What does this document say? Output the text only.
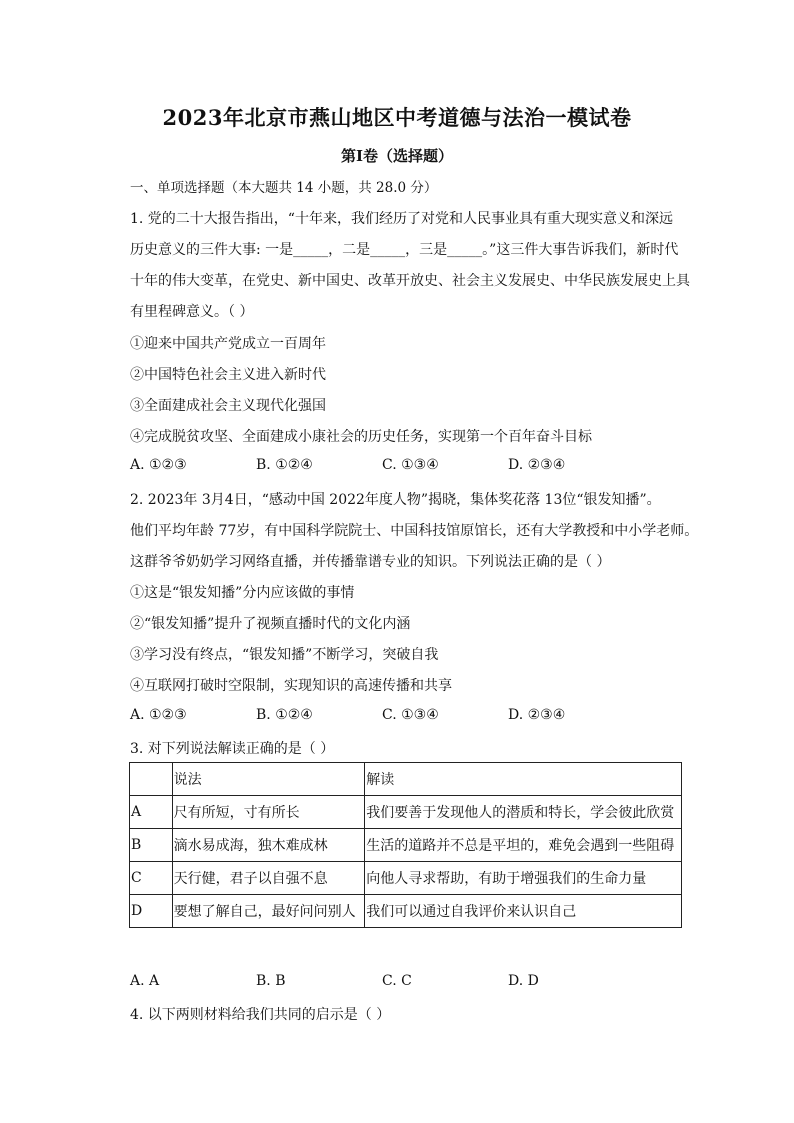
2023年北京市燕山地区中考道德与法治一模试卷
第Ⅰ卷（选择题）
一、单项选择题（本大题共 14 小题，共 28.0 分）
1. 党的二十大报告指出，“十年来，我们经历了对党和人民事业具有重大现实意义和深远
历史意义的三件大事: 一是_____，二是_____，三是_____。”这三件大事告诉我们，新时代
十年的伟大变革，在党史、新中国史、改革开放史、社会主义发展史、中华民族发展史上具
有里程碑意义。（ ）
①迎来中国共产党成立一百周年
②中国特色社会主义进入新时代
③全面建成社会主义现代化强国
④完成脱贫攻坚、全面建成小康社会的历史任务，实现第一个百年奋斗目标
A. ①②③	B. ①②④	C. ①③④	D. ②③④
2. 2023年 3月4日，“感动中国 2022年度人物”揭晓，集体奖花落 13位“银发知播”。
他们平均年龄 77岁，有中国科学院院士、中国科技馆原馆长，还有大学教授和中小学老师。
这群爷爷奶奶学习网络直播，并传播靠谱专业的知识。下列说法正确的是（ ）
①这是“银发知播”分内应该做的事情
②“银发知播”提升了视频直播时代的文化内涵
③学习没有终点，“银发知播”不断学习，突破自我
④互联网打破时空限制，实现知识的高速传播和共享
A. ①②③	B. ①②④	C. ①③④	D. ②③④
3. 对下列说法解读正确的是（ ）
	说法	解读
A	尺有所短，寸有所长	我们要善于发现他人的潜质和特长，学会彼此欣赏
B	滴水易成海，独木难成林	生活的道路并不总是平坦的，难免会遇到一些阻碍
C	天行健，君子以自强不息	向他人寻求帮助，有助于增强我们的生命力量
D	要想了解自己，最好问问别人	我们可以通过自我评价来认识自己
A. A	B. B	C. C	D. D
4. 以下两则材料给我们共同的启示是（ ）
